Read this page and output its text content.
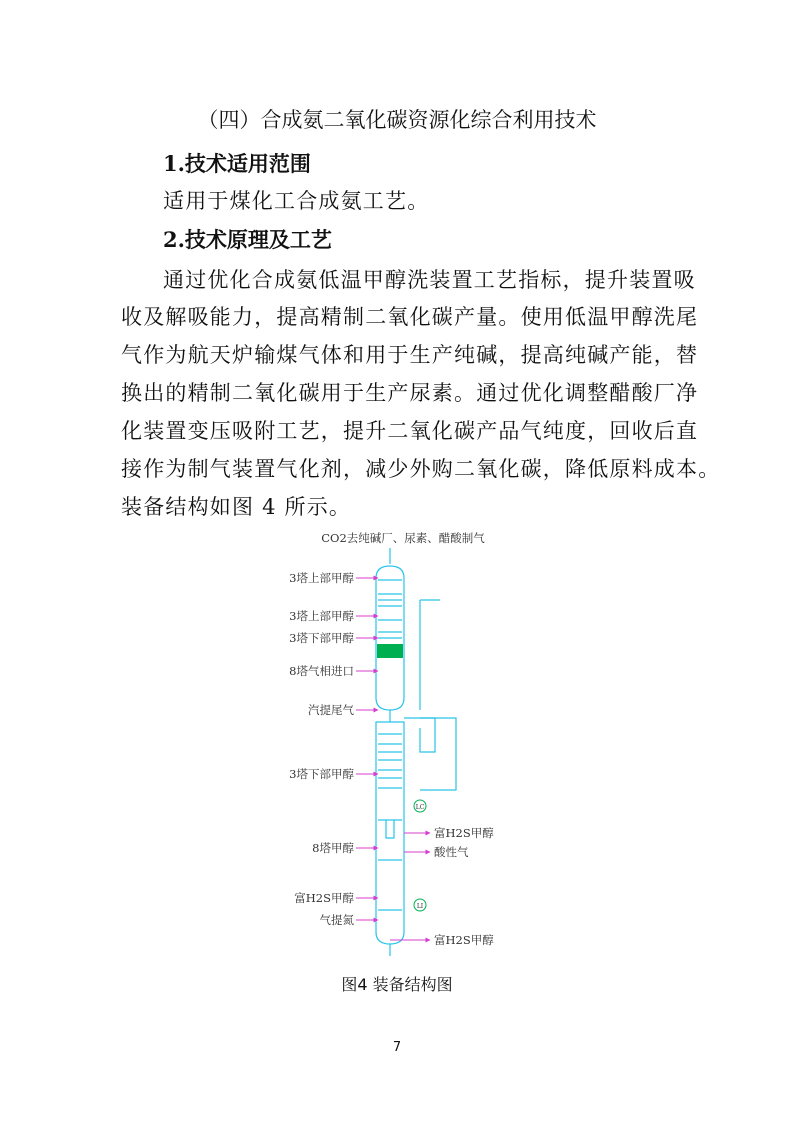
（四）合成氨二氧化碳资源化综合利用技术
1.技术适用范围
适用于煤化工合成氨工艺。
2.技术原理及工艺
通过优化合成氨低温甲醇洗装置工艺指标，提升装置吸
收及解吸能力，提高精制二氧化碳产量。使用低温甲醇洗尾
气作为航天炉输煤气体和用于生产纯碱，提高纯碱产能，替
换出的精制二氧化碳用于生产尿素。通过优化调整醋酸厂净
化装置变压吸附工艺，提升二氧化碳产品气纯度，回收后直
接作为制气装置气化剂，减少外购二氧化碳，降低原料成本。
装备结构如图 4 所示。
CO2去纯碱厂、尿素、醋酸制气
LC
LI
3塔上部甲醇
3塔上部甲醇
3塔下部甲醇
8塔气相进口
汽提尾气
3塔下部甲醇
8塔甲醇
富H2S甲醇
气提氮
富H2S甲醇
酸性气
富H2S甲醇
图4 装备结构图
7
